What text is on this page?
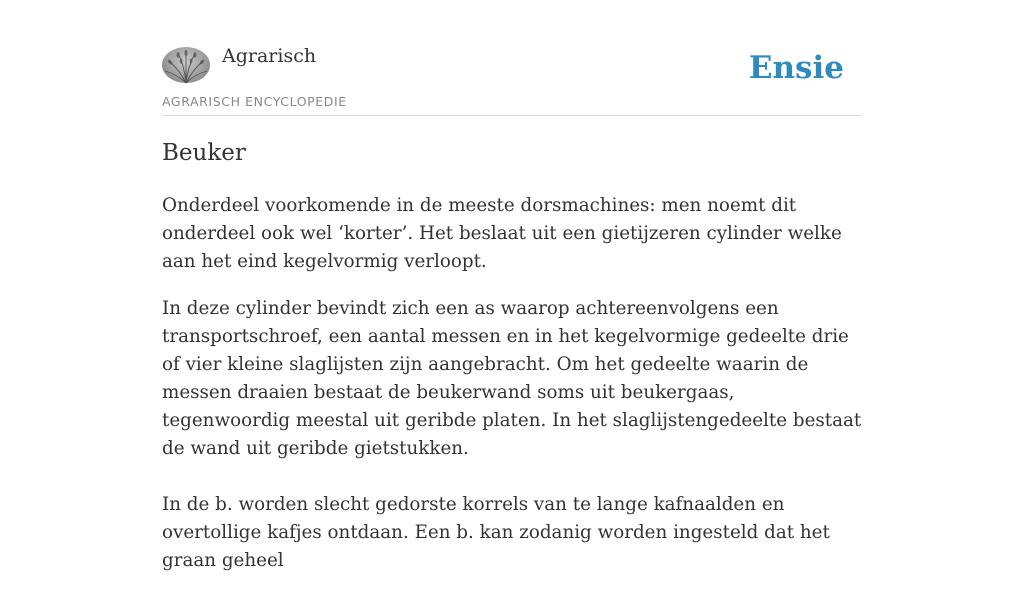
Agrarisch
AGRARISCH ENCYCLOPEDIE
Ensie
Beuker

Onderdeel voorkomende in de meeste dorsmachines: men noemt dit onderdeel ook wel ‘korter’. Het beslaat uit een gietijzeren cylinder welke aan het eind kegelvormig verloopt.

In deze cylinder bevindt zich een as waarop achtereenvolgens een transportschroef, een aantal messen en in het kegelvormige gedeelte drie of vier kleine slaglijsten zijn aangebracht. Om het gedeelte waarin de messen draaien bestaat de beukerwand soms uit beukergaas, tegenwoordig meestal uit geribde platen. In het slaglijstengedeelte bestaat de wand uit geribde gietstukken.

In de b. worden slecht gedorste korrels van te lange kafnaalden en overtollige kafjes ontdaan. Een b. kan zodanig worden ingesteld dat het graan geheel
